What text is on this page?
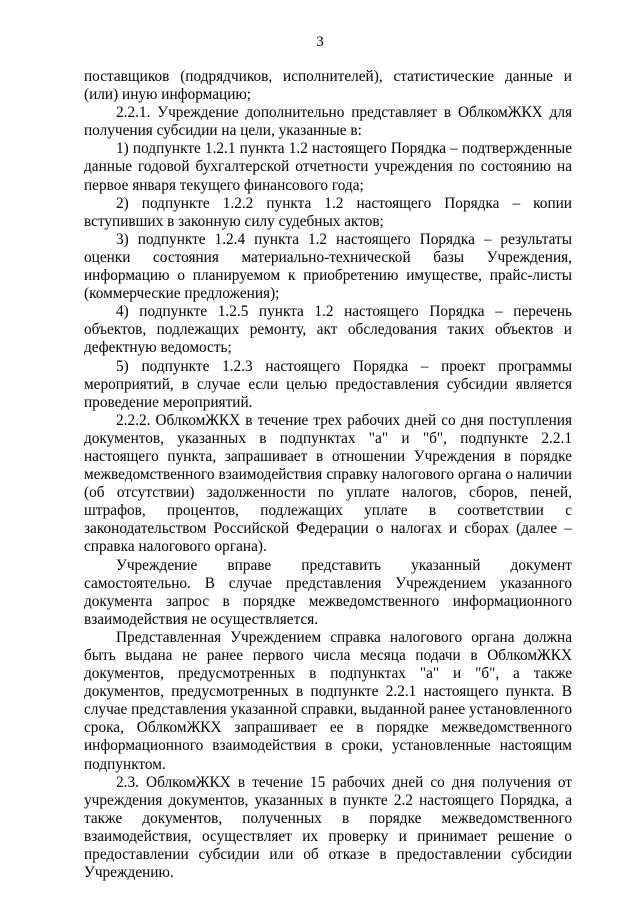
3

поставщиков (подрядчиков, исполнителей), статистические данные и (или) иную информацию;

2.2.1. Учреждение дополнительно представляет в ОблкомЖКХ для получения субсидии на цели, указанные в:

1) подпункте 1.2.1 пункта 1.2 настоящего Порядка – подтвержденные данные годовой бухгалтерской отчетности учреждения по состоянию на первое января текущего финансового года;

2) подпункте 1.2.2 пункта 1.2 настоящего Порядка – копии вступивших в законную силу судебных актов;

3) подпункте 1.2.4 пункта 1.2 настоящего Порядка – результаты оценки состояния материально-технической базы Учреждения, информацию о планируемом к приобретению имуществе, прайс-листы (коммерческие предложения);

4) подпункте 1.2.5 пункта 1.2 настоящего Порядка – перечень объектов, подлежащих ремонту, акт обследования таких объектов и дефектную ведомость;

5) подпункте 1.2.3 настоящего Порядка – проект программы мероприятий, в случае если целью предоставления субсидии является проведение мероприятий.

2.2.2. ОблкомЖКХ в течение трех рабочих дней со дня поступления документов, указанных в подпунктах "а" и "б", подпункте 2.2.1 настоящего пункта, запрашивает в отношении Учреждения в порядке межведомственного взаимодействия справку налогового органа о наличии (об отсутствии) задолженности по уплате налогов, сборов, пеней, штрафов, процентов, подлежащих уплате в соответствии с законодательством Российской Федерации о налогах и сборах (далее – справка налогового органа).

Учреждение вправе представить указанный документ самостоятельно. В случае представления Учреждением указанного документа запрос в порядке межведомственного информационного взаимодействия не осуществляется.

Представленная Учреждением справка налогового органа должна быть выдана не ранее первого числа месяца подачи в ОблкомЖКХ документов, предусмотренных в подпунктах "а" и "б", а также документов, предусмотренных в подпункте 2.2.1 настоящего пункта. В случае представления указанной справки, выданной ранее установленного срока, ОблкомЖКХ запрашивает ее в порядке межведомственного информационного взаимодействия в сроки, установленные настоящим подпунктом.

2.3. ОблкомЖКХ в течение 15 рабочих дней со дня получения от учреждения документов, указанных в пункте 2.2 настоящего Порядка, а также документов, полученных в порядке межведомственного взаимодействия, осуществляет их проверку и принимает решение о предоставлении субсидии или об отказе в предоставлении субсидии Учреждению.
